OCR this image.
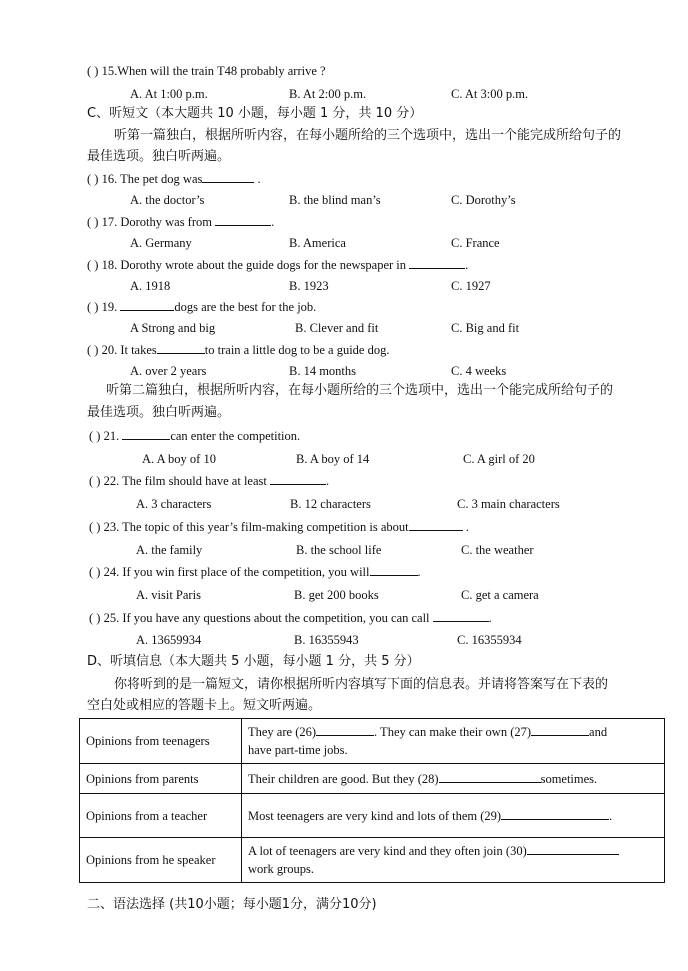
( ) 15.When will the train T48 probably arrive ?
A. At 1:00 p.m.	B. At 2:00 p.m.	C. At 3:00 p.m.
C、听短文（本大题共 10 小题，每小题 1 分，共 10 分）
听第一篇独白，根据所听内容，在每小题所给的三个选项中，选出一个能完成所给句子的
最佳选项。独白听两遍。
( ) 16. The pet dog was	.
A. the doctor’s	B. the blind man’s	C. Dorothy’s
( ) 17. Dorothy was from	.
A. Germany	B. America	C. France
( ) 18. Dorothy wrote about the guide dogs for the newspaper in	.
A. 1918	B. 1923	C. 1927
( ) 19.	dogs are the best for the job.
A Strong and big	B. Clever and fit	C. Big and fit
( ) 20. It takes	to train a little dog to be a guide dog.
A. over 2 years	B. 14 months	C. 4 weeks
听第二篇独白，根据所听内容，在每小题所给的三个选项中，选出一个能完成所给句子的
最佳选项。独白听两遍。
( ) 21.	can enter the competition.
A. A boy of 10	B. A boy of 14	C. A girl of 20
( ) 22. The film should have at least	.
A. 3 characters	B. 12 characters	C. 3 main characters
( ) 23. The topic of this year’s film-making competition is about	.
A. the family	B. the school life	C. the weather
( ) 24. If you win first place of the competition, you will	.
A. visit Paris	B. get 200 books	C. get a camera
( ) 25. If you have any questions about the competition, you can call	.
A. 13659934	B. 16355943	C. 16355934
D、听填信息（本大题共 5 小题，每小题 1 分，共 5 分）
你将听到的是一篇短文，请你根据所听内容填写下面的信息表。并请将答案写在下表的
空白处或相应的答题卡上。短文听两遍。
Opinions from teenagers	They are (26) . They can make their own (27) and
have part-time jobs.

Opinions from parents	Their children are good. But they (28) sometimes.
Opinions from a teacher	Most teenagers are very kind and lots of them (29) .
Opinions from he speaker	A lot of teenagers are very kind and they often join (30)
work groups.
二、语法选择 (共10小题；每小题1分，满分10分)
